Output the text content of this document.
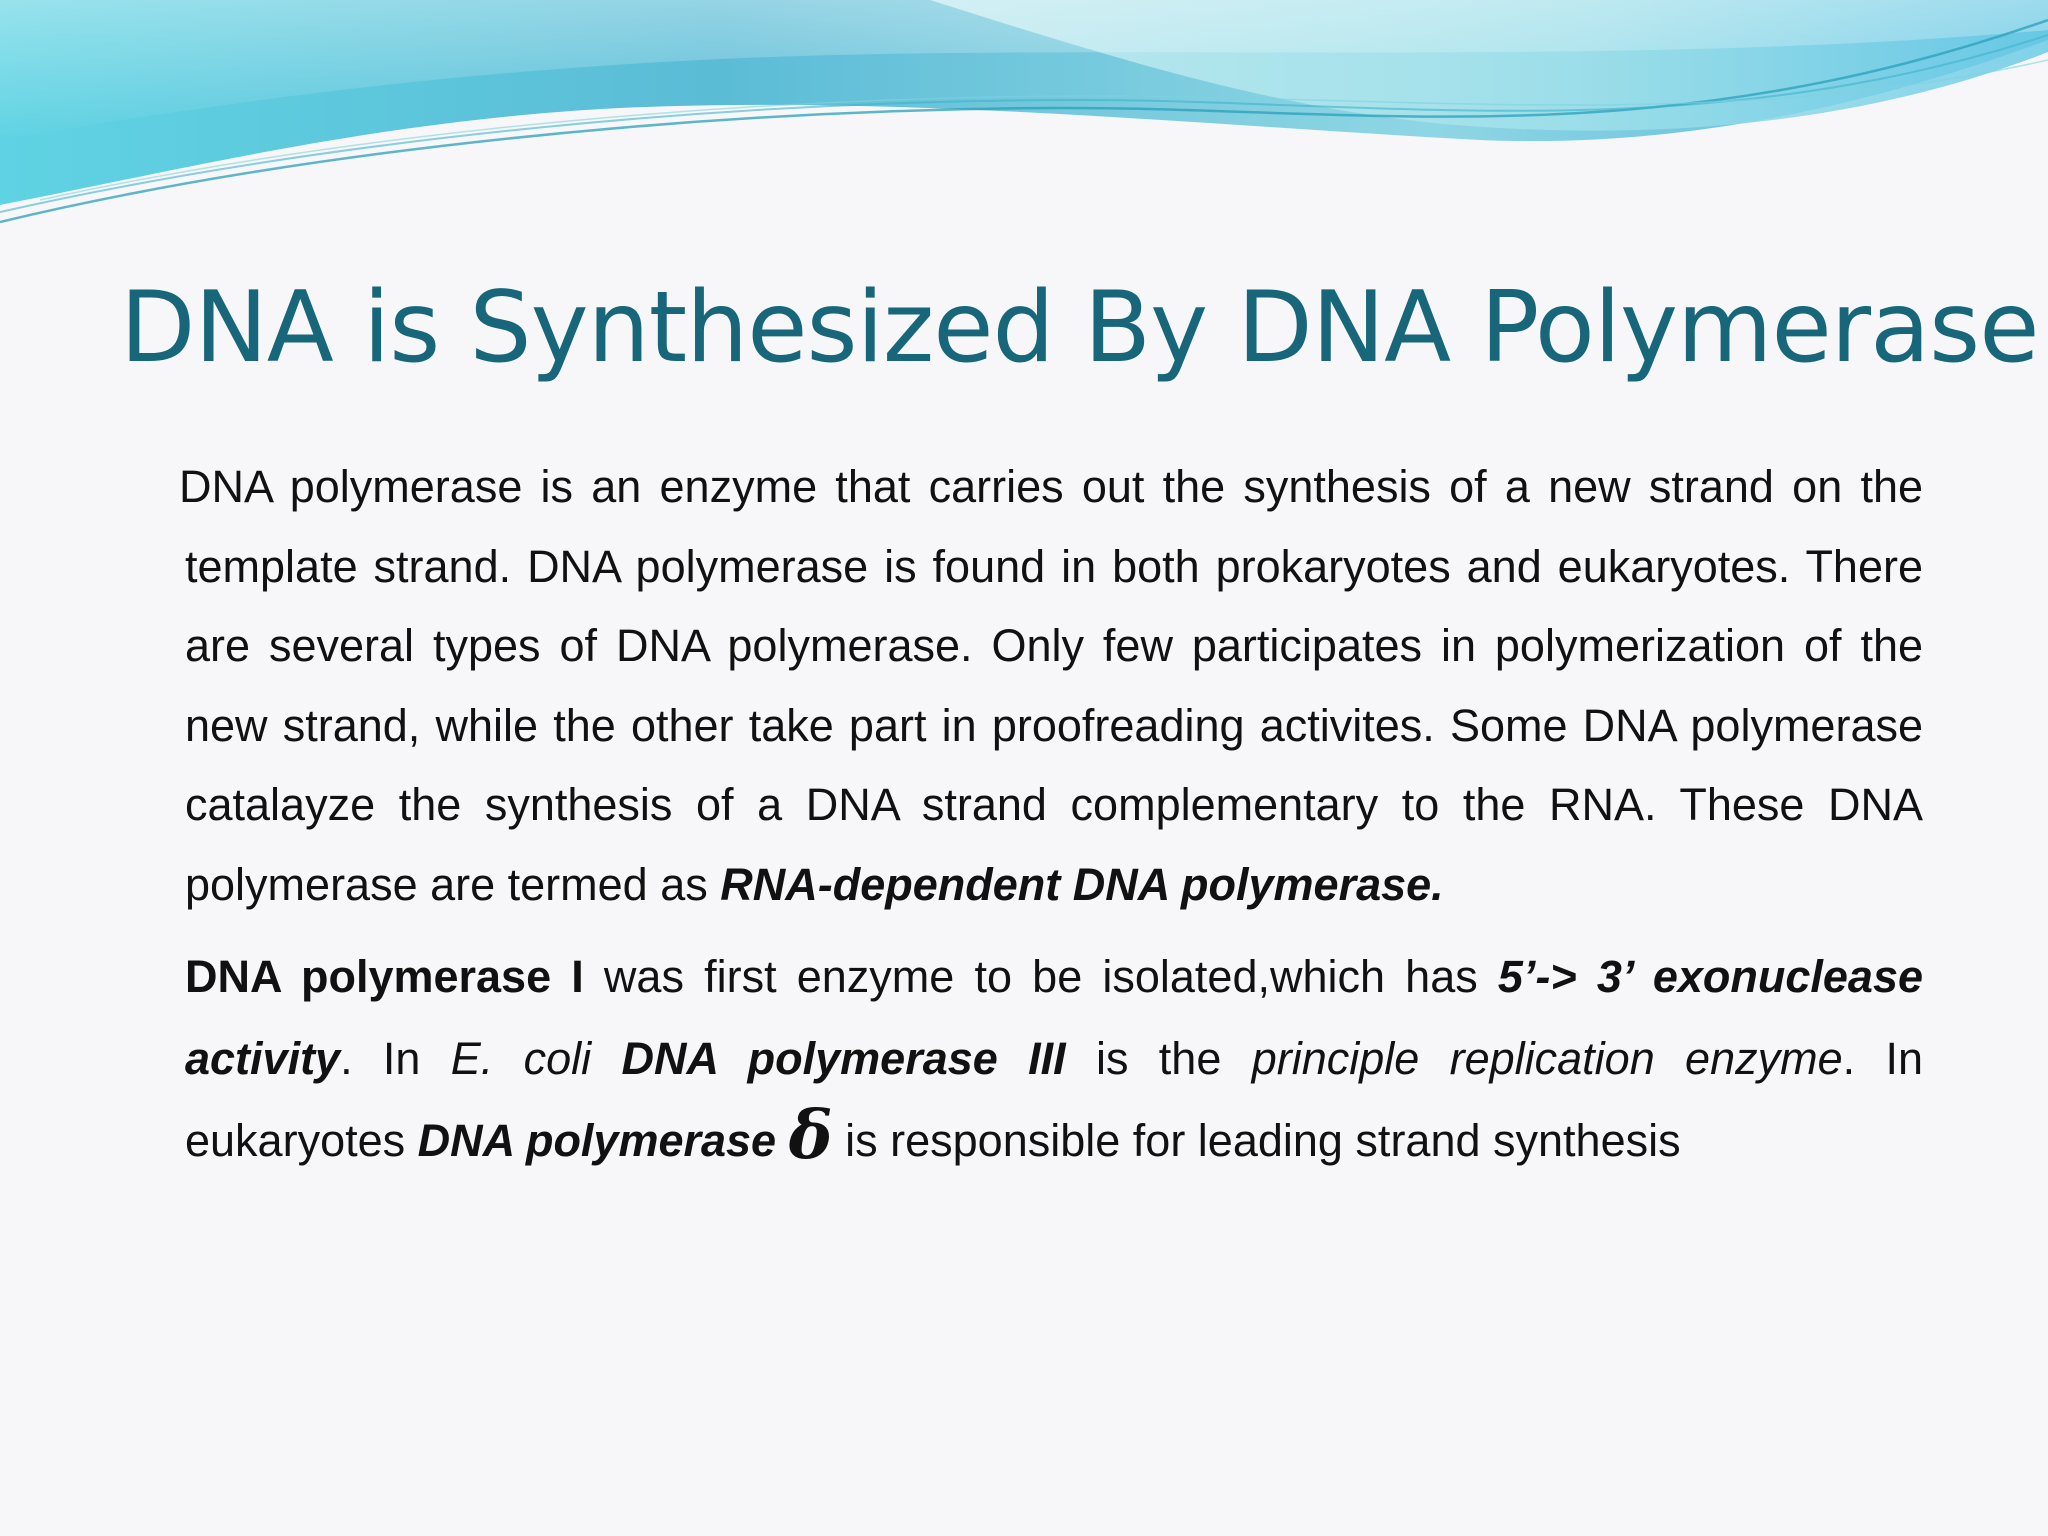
DNA is Synthesized By DNA Polymerase

DNA polymerase is an enzyme that carries out the synthesis of a new strand on the template strand. DNA polymerase is found in both prokaryotes and eukaryotes. There are several types of DNA polymerase. Only few participates in polymerization of the new strand, while the other take part in proofreading activites. Some DNA polymerase catalayze the synthesis of a DNA strand complementary to the RNA. These DNA polymerase are termed as RNA-dependent DNA polymerase.

DNA polymerase I was first enzyme to be isolated,which has 5’-> 3’ exonuclease activity. In E. coli DNA polymerase III is the principle replication enzyme. In eukaryotes DNA polymerase δ is responsible for leading strand synthesis
